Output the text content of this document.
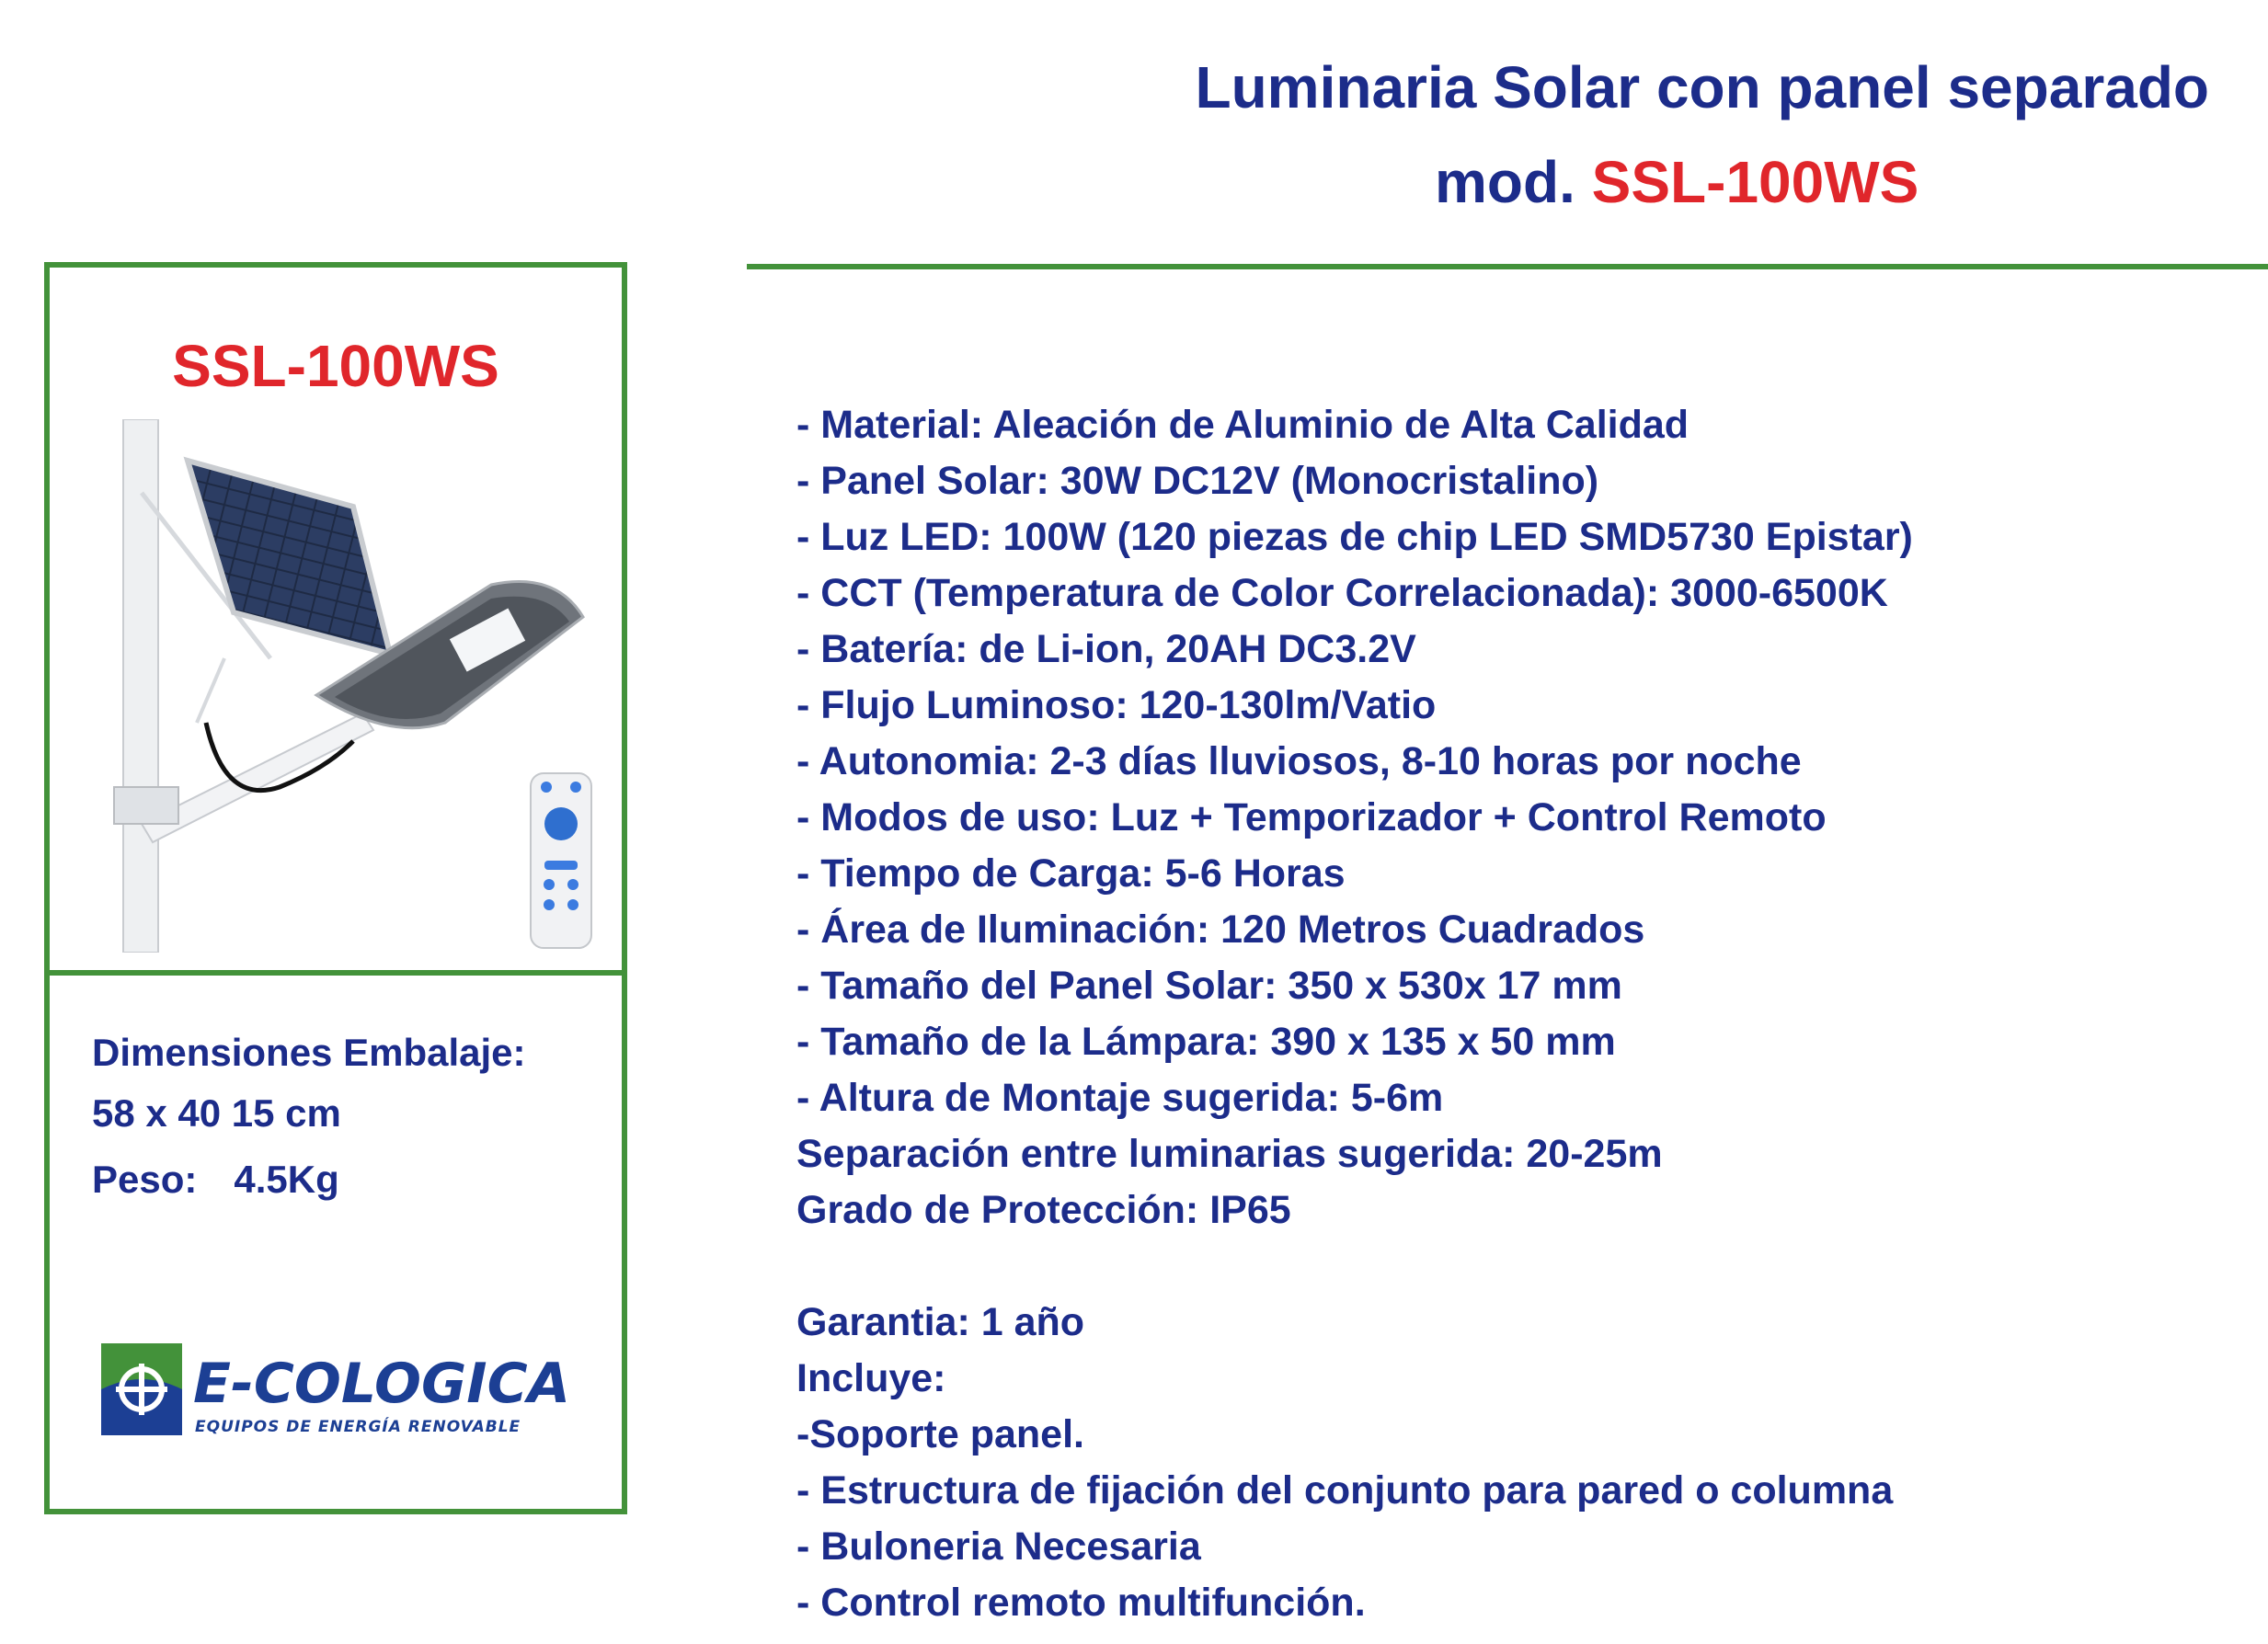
Luminaria Solar con panel separado
mod. SSL-100WS
SSL-100WS
Dimensiones Embalaje:
58 x 40 15 cm
Peso: 4.5Kg
E-COLOGICA
EQUIPOS DE ENERGÍA RENOVABLE
- Material: Aleación de Aluminio de Alta Calidad
- Panel Solar: 30W DC12V (Monocristalino)
- Luz LED: 100W (120 piezas de chip LED SMD5730 Epistar)
- CCT (Temperatura de Color Correlacionada): 3000-6500K
- Batería: de Li-ion, 20AH DC3.2V
- Flujo Luminoso: 120-130lm/Vatio
- Autonomia: 2-3 días lluviosos, 8-10 horas por noche
- Modos de uso: Luz + Temporizador + Control Remoto
- Tiempo de Carga: 5-6 Horas
- Área de Iluminación: 120 Metros Cuadrados
- Tamaño del Panel Solar: 350 x 530x 17 mm
- Tamaño de la Lámpara: 390 x 135 x 50 mm
- Altura de Montaje sugerida: 5-6m
Separación entre luminarias sugerida: 20-25m
Grado de Protección: IP65
Garantia: 1 año
Incluye:
-Soporte panel.
- Estructura de fijación del conjunto para pared o columna
- Buloneria Necesaria
- Control remoto multifunción.
